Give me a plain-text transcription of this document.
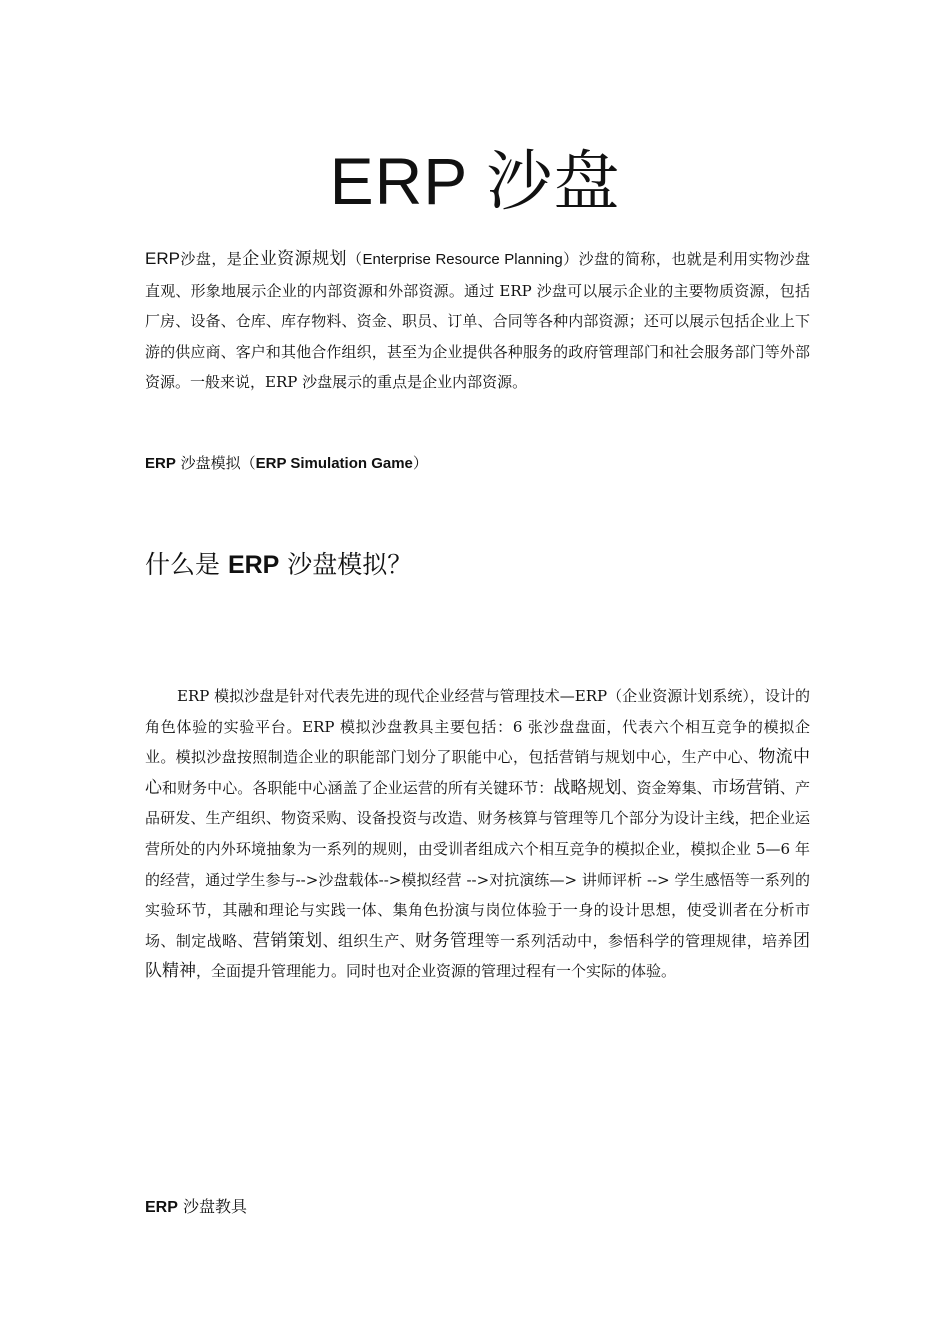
ERP 沙盘

ERP沙盘，是企业资源规划（Enterprise Resource Planning）沙盘的简称，也就是利用实物沙盘直观、形象地展示企业的内部资源和外部资源。通过 ERP 沙盘可以展示企业的主要物质资源，包括厂房、设备、仓库、库存物料、资金、职员、订单、合同等各种内部资源；还可以展示包括企业上下游的供应商、客户和其他合作组织，甚至为企业提供各种服务的政府管理部门和社会服务部门等外部资源。一般来说，ERP 沙盘展示的重点是企业内部资源。

ERP 沙盘模拟（ERP Simulation Game）
什么是 ERP 沙盘模拟？

ERP 模拟沙盘是针对代表先进的现代企业经营与管理技术—ERP（企业资源计划系统），设计的角色体验的实验平台。ERP 模拟沙盘教具主要包括：6 张沙盘盘面，代表六个相互竞争的模拟企业。模拟沙盘按照制造企业的职能部门划分了职能中心，包括营销与规划中心，生产中心、物流中心和财务中心。各职能中心涵盖了企业运营的所有关键环节：战略规划、资金筹集、市场营销、产品研发、生产组织、物资采购、设备投资与改造、财务核算与管理等几个部分为设计主线，把企业运营所处的内外环境抽象为一系列的规则，由受训者组成六个相互竞争的模拟企业，模拟企业 5—6 年的经营，通过学生参与-->沙盘载体-->模拟经营 -->对抗演练—> 讲师评析 --> 学生感悟等一系列的实验环节，其融和理论与实践一体、集角色扮演与岗位体验于一身的设计思想，使受训者在分析市场、制定战略、营销策划、组织生产、财务管理等一系列活动中，参悟科学的管理规律，培养团队精神，全面提升管理能力。同时也对企业资源的管理过程有一个实际的体验。

ERP 沙盘教具
